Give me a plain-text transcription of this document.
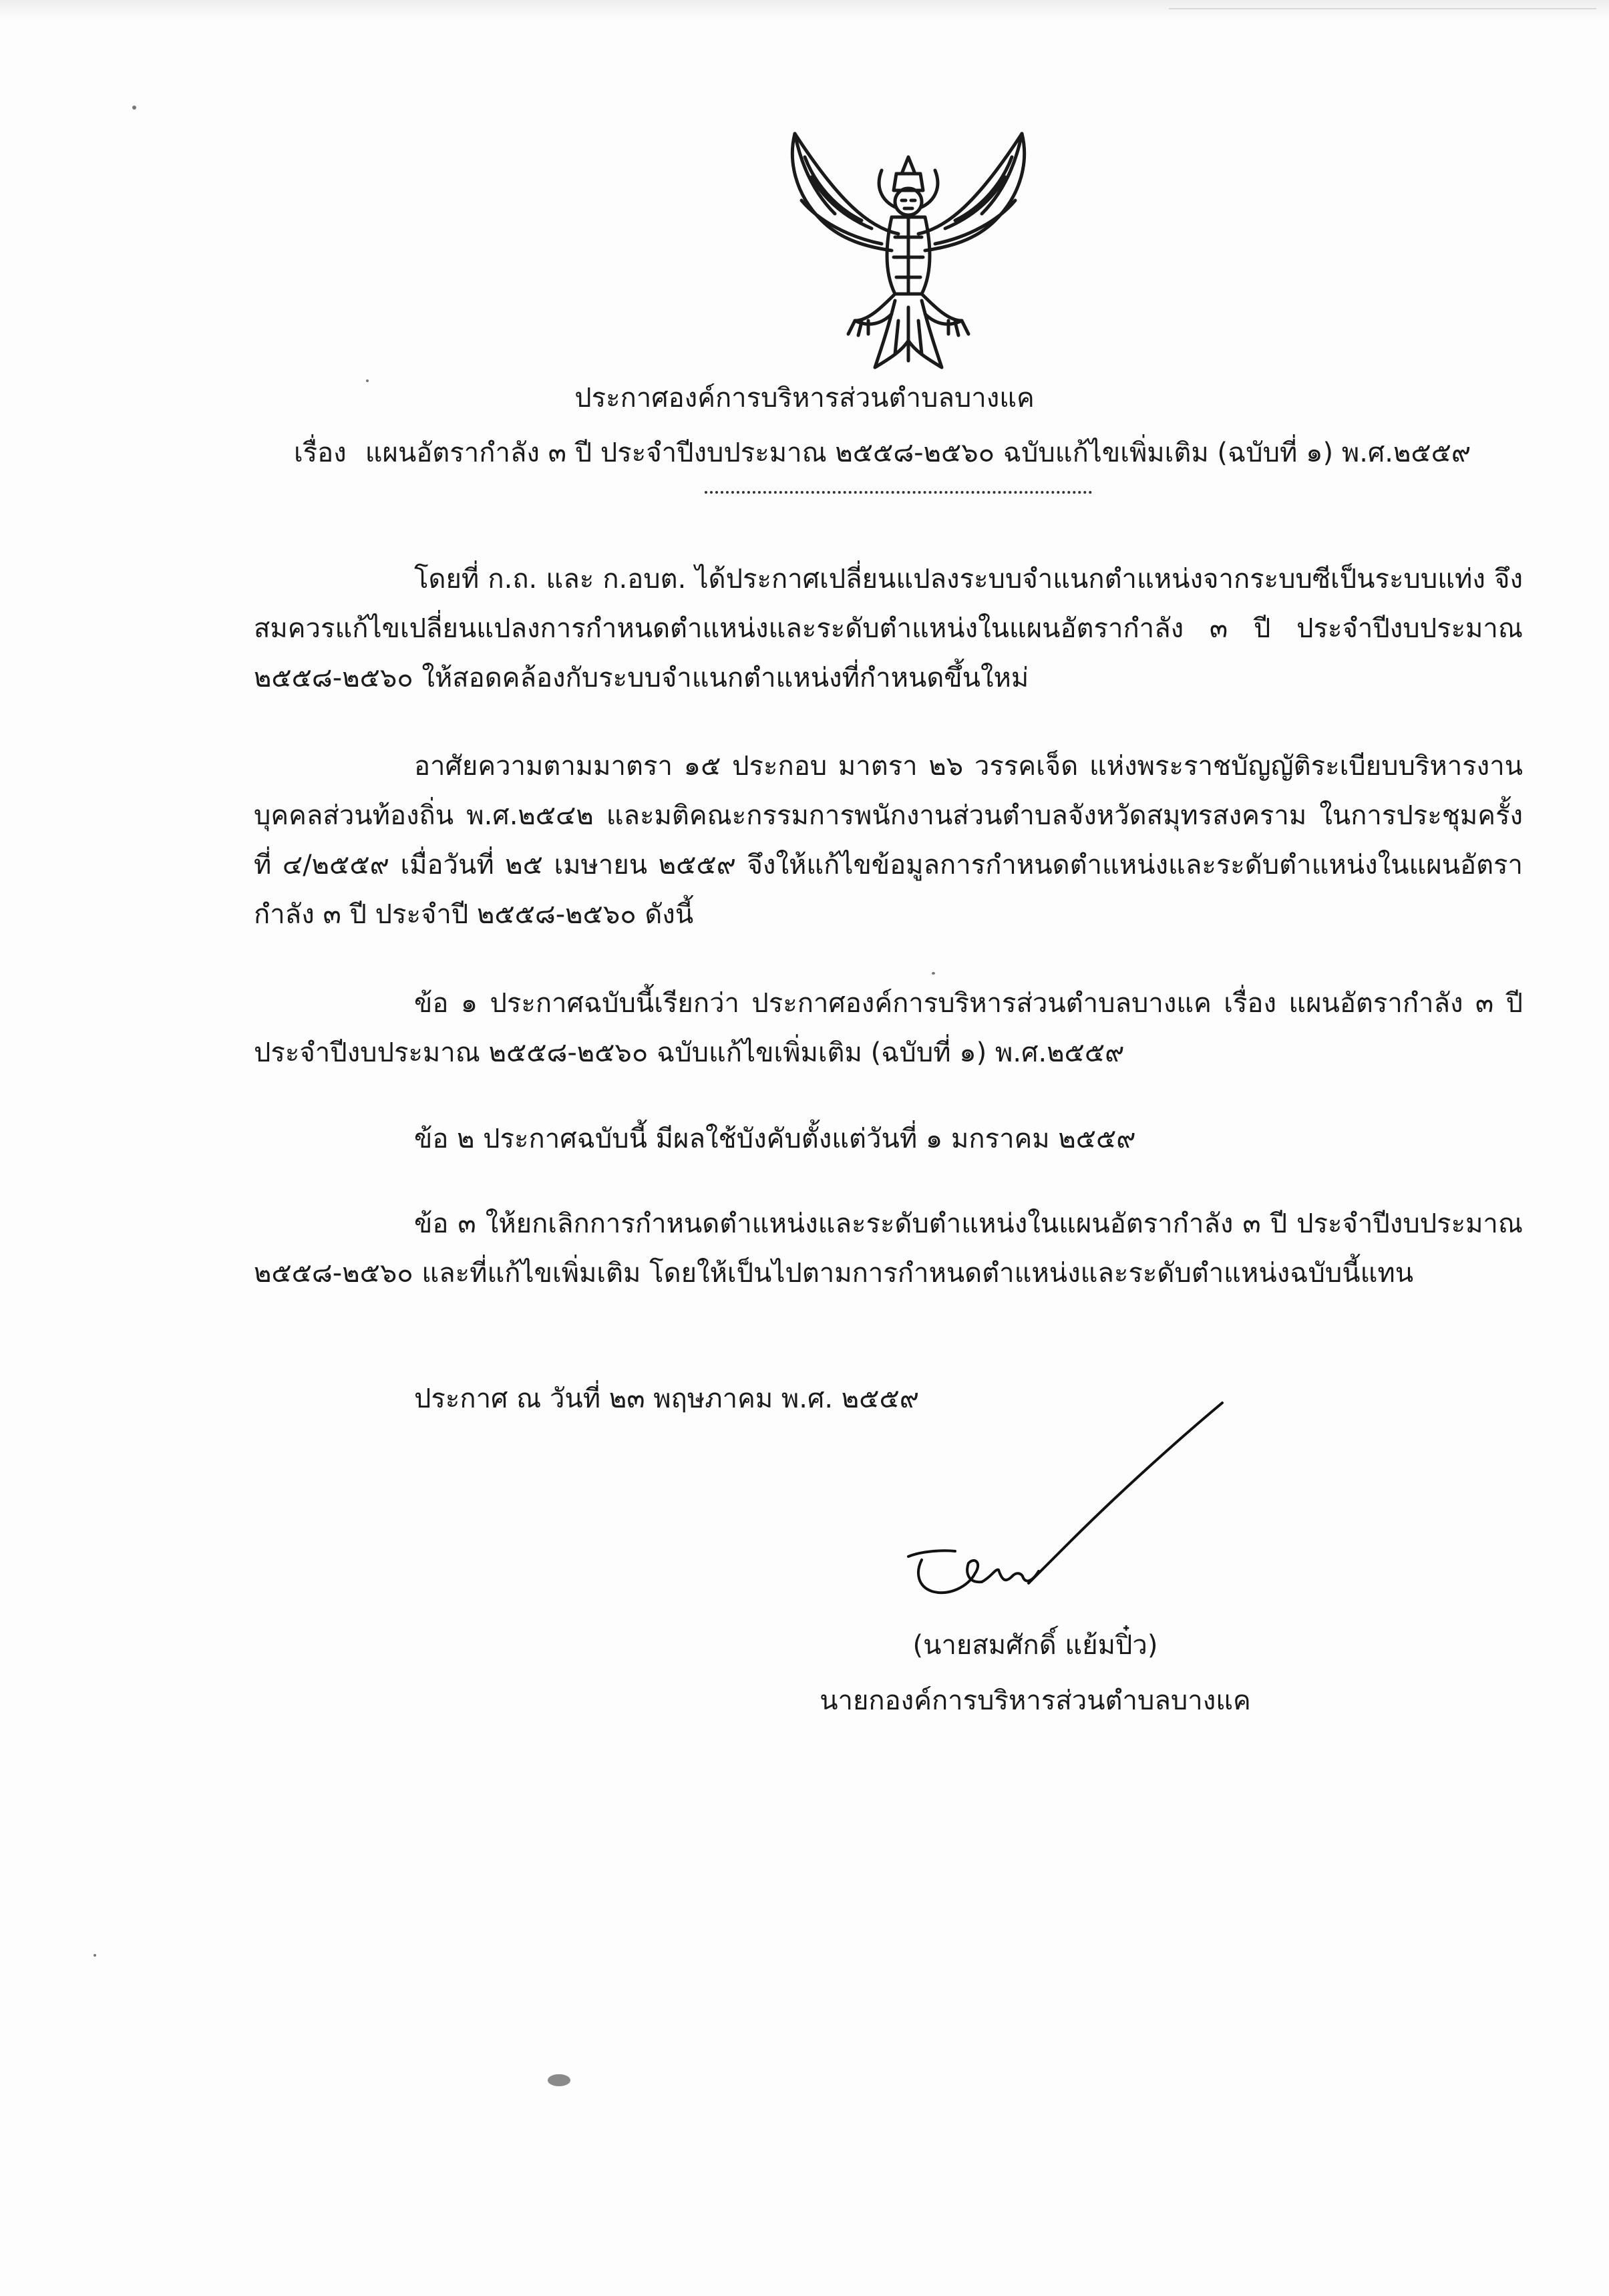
ประกาศองค์การบริหารส่วนตำบลบางแค
เรื่อง แผนอัตรากำลัง ๓ ปี ประจำปีงบประมาณ ๒๕๕๘-๒๕๖๐ ฉบับแก้ไขเพิ่มเติม (ฉบับที่ ๑) พ.ศ.๒๕๕๙

โดยที่ ก.ถ. และ ก.อบต. ได้ประกาศเปลี่ยนแปลงระบบจำแนกตำแหน่งจากระบบซีเป็นระบบแท่ง จึงสมควรแก้ไขเปลี่ยนแปลงการกำหนดตำแหน่งและระดับตำแหน่งในแผนอัตรากำลัง ๓ ปี ประจำปีงบประมาณ ๒๕๕๘-๒๕๖๐ ให้สอดคล้องกับระบบจำแนกตำแหน่งที่กำหนดขึ้นใหม่

อาศัยความตามมาตรา ๑๕ ประกอบ มาตรา ๒๖ วรรคเจ็ด แห่งพระราชบัญญัติระเบียบบริหารงานบุคคลส่วนท้องถิ่น พ.ศ.๒๕๔๒ และมติคณะกรรมการพนักงานส่วนตำบลจังหวัดสมุทรสงคราม ในการประชุมครั้งที่ ๔/๒๕๕๙ เมื่อวันที่ ๒๕ เมษายน ๒๕๕๙ จึงให้แก้ไขข้อมูลการกำหนดตำแหน่งและระดับตำแหน่งในแผนอัตรากำลัง ๓ ปี ประจำปี ๒๕๕๘-๒๕๖๐ ดังนี้

ข้อ ๑ ประกาศฉบับนี้เรียกว่า ประกาศองค์การบริหารส่วนตำบลบางแค เรื่อง แผนอัตรากำลัง ๓ ปี ประจำปีงบประมาณ ๒๕๕๘-๒๕๖๐ ฉบับแก้ไขเพิ่มเติม (ฉบับที่ ๑) พ.ศ.๒๕๕๙

ข้อ ๒ ประกาศฉบับนี้ มีผลใช้บังคับตั้งแต่วันที่ ๑ มกราคม ๒๕๕๙

ข้อ ๓ ให้ยกเลิกการกำหนดตำแหน่งและระดับตำแหน่งในแผนอัตรากำลัง ๓ ปี ประจำปีงบประมาณ ๒๕๕๘-๒๕๖๐ และที่แก้ไขเพิ่มเติม โดยให้เป็นไปตามการกำหนดตำแหน่งและระดับตำแหน่งฉบับนี้แทน

ประกาศ ณ วันที่ ๒๓ พฤษภาคม พ.ศ. ๒๕๕๙

(นายสมศักดิ์ แย้มปิ๋ว)
นายกองค์การบริหารส่วนตำบลบางแค
